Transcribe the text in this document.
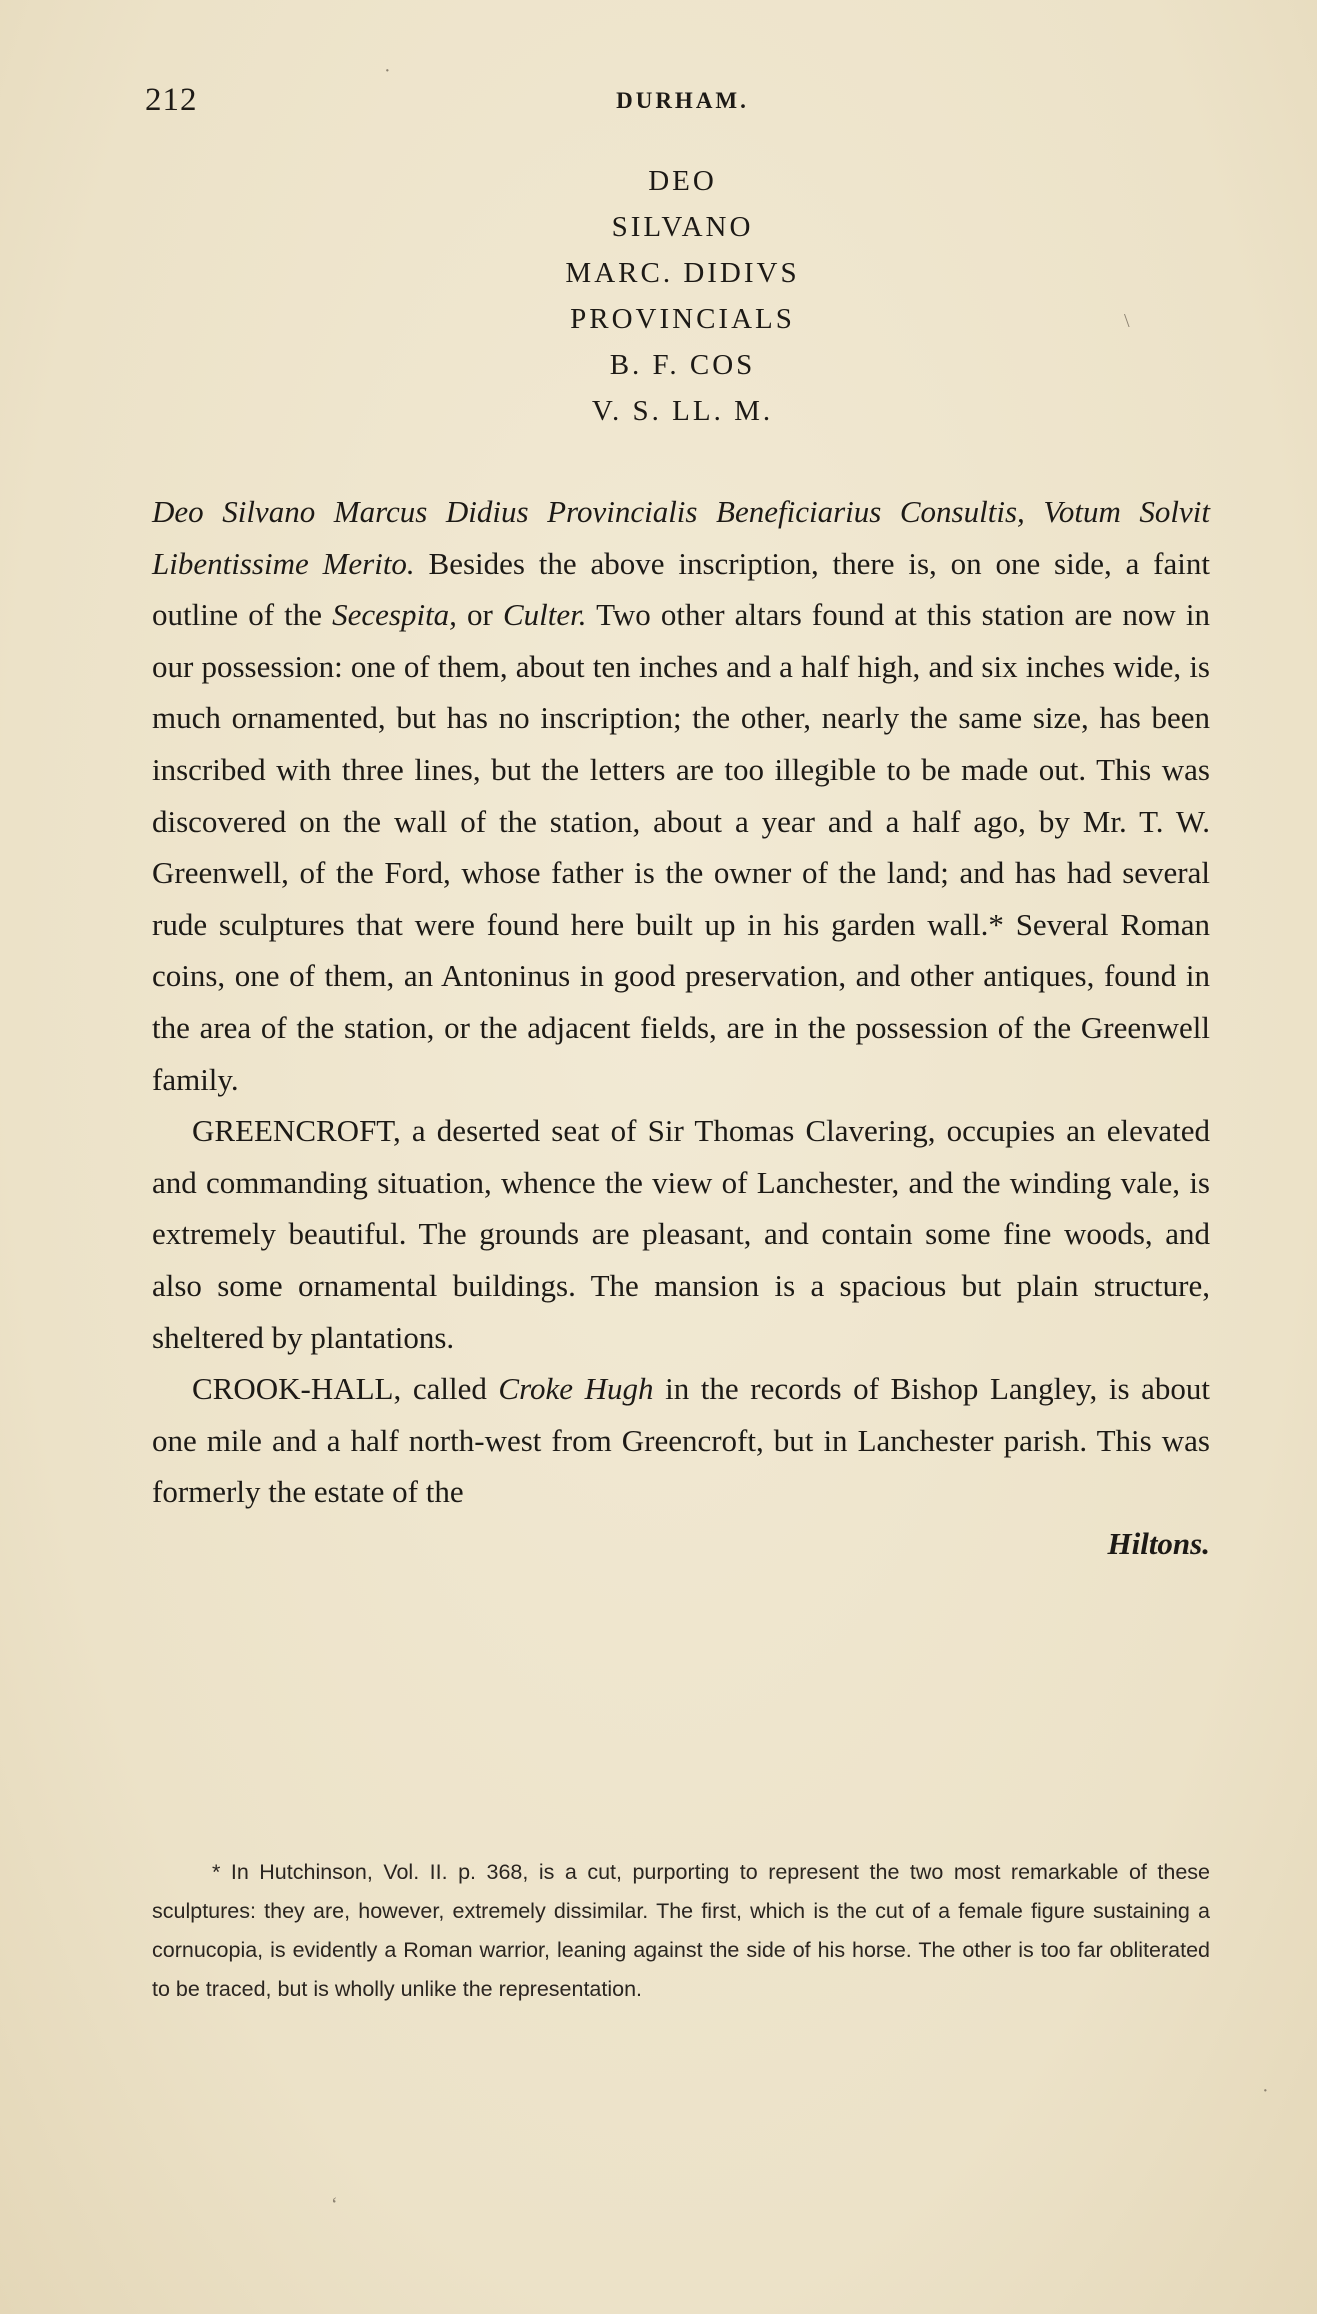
212	DURHAM.
DEO
SILVANO
MARC. DIDIVS
PROVINCIALS
B. F. COS
V. S. LL. M.

Deo Silvano Marcus Didius Provincialis Beneficiarius Consultis, Votum Solvit Libentissime Merito. Besides the above inscription, there is, on one side, a faint outline of the Secespita, or Culter. Two other altars found at this station are now in our possession: one of them, about ten inches and a half high, and six inches wide, is much ornamented, but has no inscription; the other, nearly the same size, has been inscribed with three lines, but the letters are too illegible to be made out. This was discovered on the wall of the station, about a year and a half ago, by Mr. T. W. Greenwell, of the Ford, whose father is the owner of the land; and has had several rude sculptures that were found here built up in his garden wall.* Several Roman coins, one of them, an Antoninus in good preservation, and other antiques, found in the area of the station, or the adjacent fields, are in the possession of the Greenwell family.

GREENCROFT, a deserted seat of Sir Thomas Clavering, occupies an elevated and commanding situation, whence the view of Lanchester, and the winding vale, is extremely beautiful. The grounds are pleasant, and contain some fine woods, and also some ornamental buildings. The mansion is a spacious but plain structure, sheltered by plantations.

CROOK-HALL, called Croke Hugh in the records of Bishop Langley, is about one mile and a half north-west from Greencroft, but in Lanchester parish. This was formerly the estate of the

Hiltons.

* In Hutchinson, Vol. II. p. 368, is a cut, purporting to represent the two most remarkable of these sculptures: they are, however, extremely dissimilar. The first, which is the cut of a female figure sustaining a cornucopia, is evidently a Roman warrior, leaning against the side of his horse. The other is too far obliterated to be traced, but is wholly unlike the representation.
·
\
‘
·
